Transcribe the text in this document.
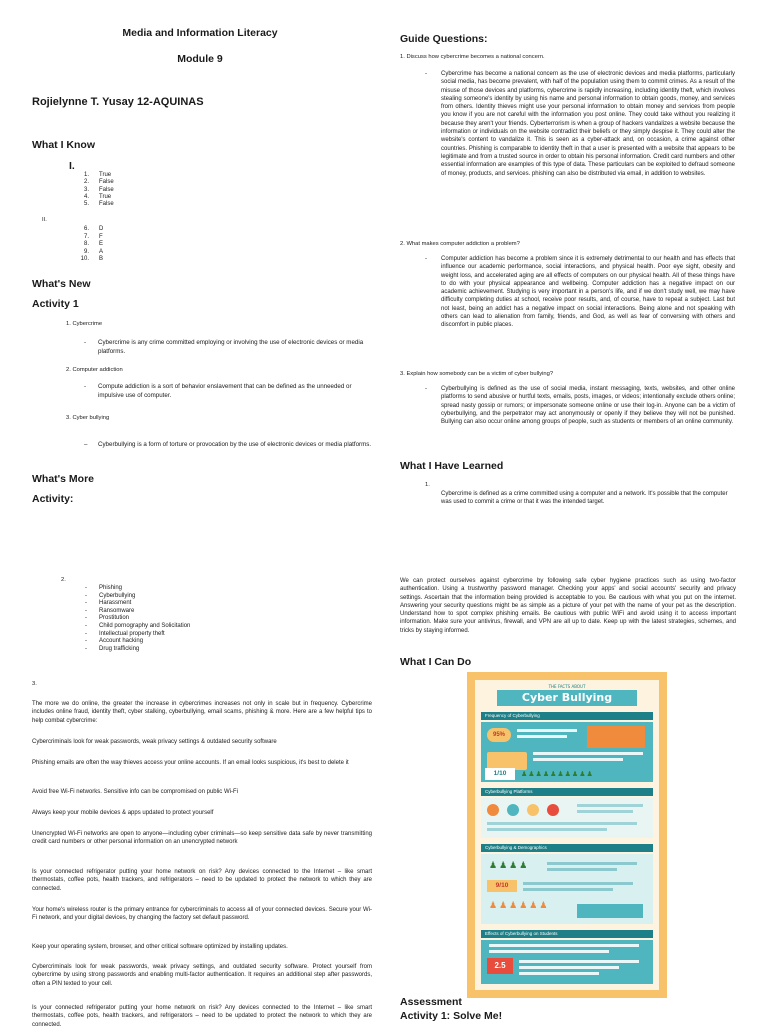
Media and Information Literacy
Module 9
Rojielynne T. Yusay 12-AQUINAS
What I Know
I.
1. True
2. False
3. False
4. True
5. False
II.
6. D
7. F
8. E
9. A
10. B
What's New
Activity 1
1. Cybercrime
-	Cybercrime is any crime committed employing or involving the use of electronic devices or media platforms.
2. Computer addiction
-	Compute addiction is a sort of behavior enslavement that can be defined as the unneeded or impulsive use of computer.
3. Cyber bullying
–	Cyberbullying is a form of torture or provocation by the use of electronic devices or media platforms.
What's More
Activity:
2.
- Phishing
- Cyberbullying
- Harassment
- Ransomware
- Prostitution
- Child pornography and Solicitation
- Intellectual property theft
- Account hacking
- Drug trafficking
3.
The more we do online, the greater the increase in cybercrimes increases not only in scale but in frequency. Cybercrime includes online fraud, identity theft, cyber stalking, cyberbullying, email scams, phishing & more. Here are a few helpful tips to help combat cybercrime:
Cybercriminals look for weak passwords, weak privacy settings & outdated security software
Phishing emails are often the way thieves access your online accounts. If an email looks suspicious, it's best to delete it
Avoid free Wi-Fi networks. Sensitive info can be compromised on public Wi-Fi
Always keep your mobile devices & apps updated to protect yourself
Unencrypted Wi-Fi networks are open to anyone—including cyber criminals—so keep sensitive data safe by never transmitting credit card numbers or other personal information on an unencrypted network
Is your connected refrigerator putting your home network on risk? Any devices connected to the Internet – like smart thermostats, coffee pots, health trackers, and refrigerators – need to be updated to protect the network to which they are connected.
Your home's wireless router is the primary entrance for cybercriminals to access all of your connected devices. Secure your Wi-Fi network, and your digital devices, by changing the factory set default password.
Keep your operating system, browser, and other critical software optimized by installing updates.
Cybercriminals look for weak passwords, weak privacy settings, and outdated security software. Protect yourself from cybercrime by using strong passwords and enabling multi-factor authentication. It requires an additional step after passwords, often a PIN texted to your cell.
Is your connected refrigerator putting your home network on risk? Any devices connected to the Internet – like smart thermostats, coffee pots, health trackers, and refrigerators – need to be updated to protect the network to which they are connected.
Guide Questions:
1. Discuss how cybercrime becomes a national concern.
-	Cybercrime has become a national concern as the use of electronic devices and media platforms, particularly social media, has become prevalent, with half of the population using them to commit crimes. As a result of the misuse of those devices and platforms, cybercrime is rapidly increasing, including identity theft, which involves stealing someone's identity by using his name and personal information to obtain goods, money, and services from others. Identity thieves might use your personal information to obtain money and services from people you know if you are not careful with the information you post online. They could take without you realizing it because they aren't your friends. Cyberterrorism is when a group of hackers vandalizes a website because the information or individuals on the website contradict their beliefs or they simply despise it. They could alter the website's content to vandalize it. This is seen as a cyber-attack and, on occasion, a crime against other countries. Phishing is comparable to identity theft in that a user is presented with a website that appears to be legitimate and from a trusted source in order to obtain his personal information. Credit card numbers and other essential information are examples of this type of data. These particulars can be exploited to defraud someone of money, products, and services. phishing can also be distributed via email, in addition to websites.
2. What makes computer addiction a problem?
-	Computer addiction has become a problem since it is extremely detrimental to our health and has effects that influence our academic performance, social interactions, and physical health. Poor eye sight, obesity and weight loss, and accelerated aging are all effects of computers on our physical health. All of these things have to do with your physical appearance and wellbeing. Computer addiction has a negative impact on our academic achievement. Studying is very important in a person's life, and if we don't study well, we may have difficulty completing duties at school, receive poor results, and, of course, have to repeat a subject. Last but not least, being an addict has a negative impact on social interactions. Being alone and not speaking with others can lead to alienation from family, friends, and God, as well as fear of conversing with others and discomfort in public places.
3. Explain how somebody can be a victim of cyber bullying?
-	Cyberbullying is defined as the use of social media, instant messaging, texts, websites, and other online platforms to send abusive or hurtful texts, emails, posts, images, or videos; intentionally exclude others online; spread nasty gossip or rumors; or impersonate someone online or use their log-in. Anyone can be a victim of cyberbullying, and the perpetrator may act anonymously or openly if they believe they will not be punished. Bullying can also occur online among groups of people, such as students or members of an online community.
What I Have Learned
1.
Cybercrime is defined as a crime committed using a computer and a network. It's possible that the computer was used to commit a crime or that it was the intended target.
We can protect ourselves against cybercrime by following safe cyber hygiene practices such as using two-factor authentication. Using a trustworthy password manager. Checking your apps' and social accounts' security and privacy settings. Ascertain that the information being provided is acceptable to you. Be cautious with what you put on the internet. Answering your security questions might be as simple as a picture of your pet with the name of your pet as the description. Understand how to spot complex phishing emails. Be cautious with public WiFi and avoid using it to access important information. Make sure your antivirus, firewall, and VPN are all up to date. Keep up with the latest strategies, schemes, and tricks by staying informed.
What I Can Do
THE FACTS ABOUT
Cyber Bullying
Frequency of Cyberbullying
95%
1/10	♟♟♟♟♟♟♟♟♟♟
Cyberbullying Platforms
Cyberbullying & Demographics
♟♟♟♟
9/10
♟♟♟♟♟♟
Effects of Cyberbullying on Students
2.5
Assessment
Activity 1: Solve Me!
